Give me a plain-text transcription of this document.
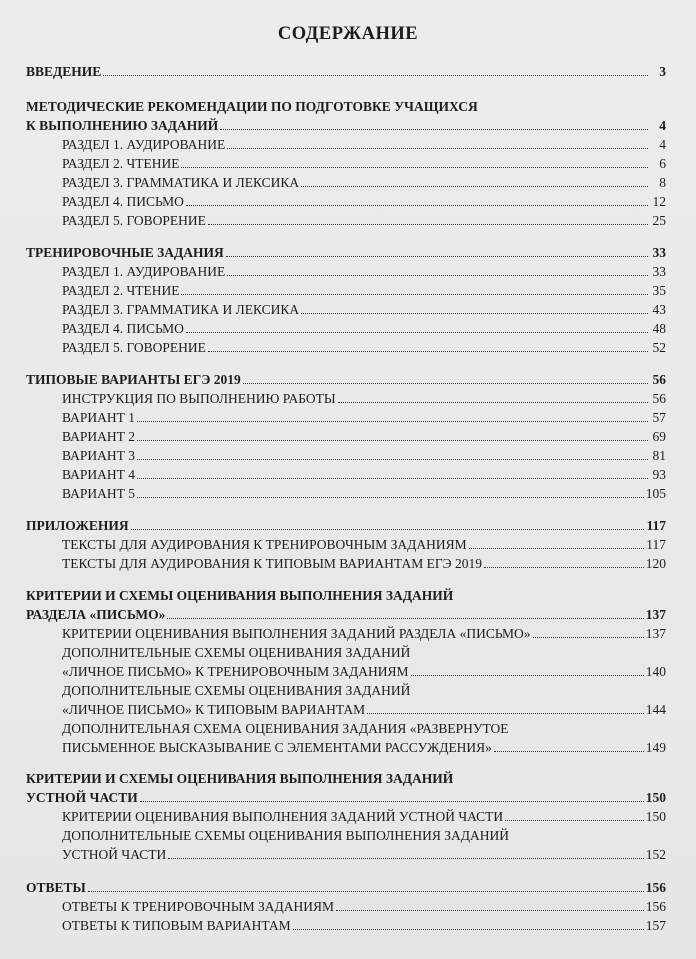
СОДЕРЖАНИЕ
ВВЕДЕНИЕ	3
МЕТОДИЧЕСКИЕ РЕКОМЕНДАЦИИ ПО ПОДГОТОВКЕ УЧАЩИХСЯ
К ВЫПОЛНЕНИЮ ЗАДАНИЙ	4
РАЗДЕЛ 1. АУДИРОВАНИЕ	4
РАЗДЕЛ 2. ЧТЕНИЕ	6
РАЗДЕЛ 3. ГРАММАТИКА И ЛЕКСИКА	8
РАЗДЕЛ 4. ПИСЬМО	12
РАЗДЕЛ 5. ГОВОРЕНИЕ	25
ТРЕНИРОВОЧНЫЕ ЗАДАНИЯ	33
РАЗДЕЛ 1. АУДИРОВАНИЕ	33
РАЗДЕЛ 2. ЧТЕНИЕ	35
РАЗДЕЛ 3. ГРАММАТИКА И ЛЕКСИКА	43
РАЗДЕЛ 4. ПИСЬМО	48
РАЗДЕЛ 5. ГОВОРЕНИЕ	52
ТИПОВЫЕ ВАРИАНТЫ ЕГЭ 2019	56
ИНСТРУКЦИЯ ПО ВЫПОЛНЕНИЮ РАБОТЫ	56
ВАРИАНТ 1	57
ВАРИАНТ 2	69
ВАРИАНТ 3	81
ВАРИАНТ 4	93
ВАРИАНТ 5	105
ПРИЛОЖЕНИЯ	117
ТЕКСТЫ ДЛЯ АУДИРОВАНИЯ К ТРЕНИРОВОЧНЫМ ЗАДАНИЯМ	117
ТЕКСТЫ ДЛЯ АУДИРОВАНИЯ К ТИПОВЫМ ВАРИАНТАМ ЕГЭ 2019	120
КРИТЕРИИ И СХЕМЫ ОЦЕНИВАНИЯ ВЫПОЛНЕНИЯ ЗАДАНИЙ
РАЗДЕЛА «ПИСЬМО»	137
КРИТЕРИИ ОЦЕНИВАНИЯ ВЫПОЛНЕНИЯ ЗАДАНИЙ РАЗДЕЛА «ПИСЬМО»	137
ДОПОЛНИТЕЛЬНЫЕ СХЕМЫ ОЦЕНИВАНИЯ ЗАДАНИЙ
«ЛИЧНОЕ ПИСЬМО» К ТРЕНИРОВОЧНЫМ ЗАДАНИЯМ	140
ДОПОЛНИТЕЛЬНЫЕ СХЕМЫ ОЦЕНИВАНИЯ ЗАДАНИЙ
«ЛИЧНОЕ ПИСЬМО» К ТИПОВЫМ ВАРИАНТАМ	144
ДОПОЛНИТЕЛЬНАЯ СХЕМА ОЦЕНИВАНИЯ ЗАДАНИЯ «РАЗВЕРНУТОЕ
ПИСЬМЕННОЕ ВЫСКАЗЫВАНИЕ С ЭЛЕМЕНТАМИ РАССУЖДЕНИЯ»	149
КРИТЕРИИ И СХЕМЫ ОЦЕНИВАНИЯ ВЫПОЛНЕНИЯ ЗАДАНИЙ
УСТНОЙ ЧАСТИ	150
КРИТЕРИИ ОЦЕНИВАНИЯ ВЫПОЛНЕНИЯ ЗАДАНИЙ УСТНОЙ ЧАСТИ	150
ДОПОЛНИТЕЛЬНЫЕ СХЕМЫ ОЦЕНИВАНИЯ ВЫПОЛНЕНИЯ ЗАДАНИЙ
УСТНОЙ ЧАСТИ	152
ОТВЕТЫ	156
ОТВЕТЫ К ТРЕНИРОВОЧНЫМ ЗАДАНИЯМ	156
ОТВЕТЫ К ТИПОВЫМ ВАРИАНТАМ	157
